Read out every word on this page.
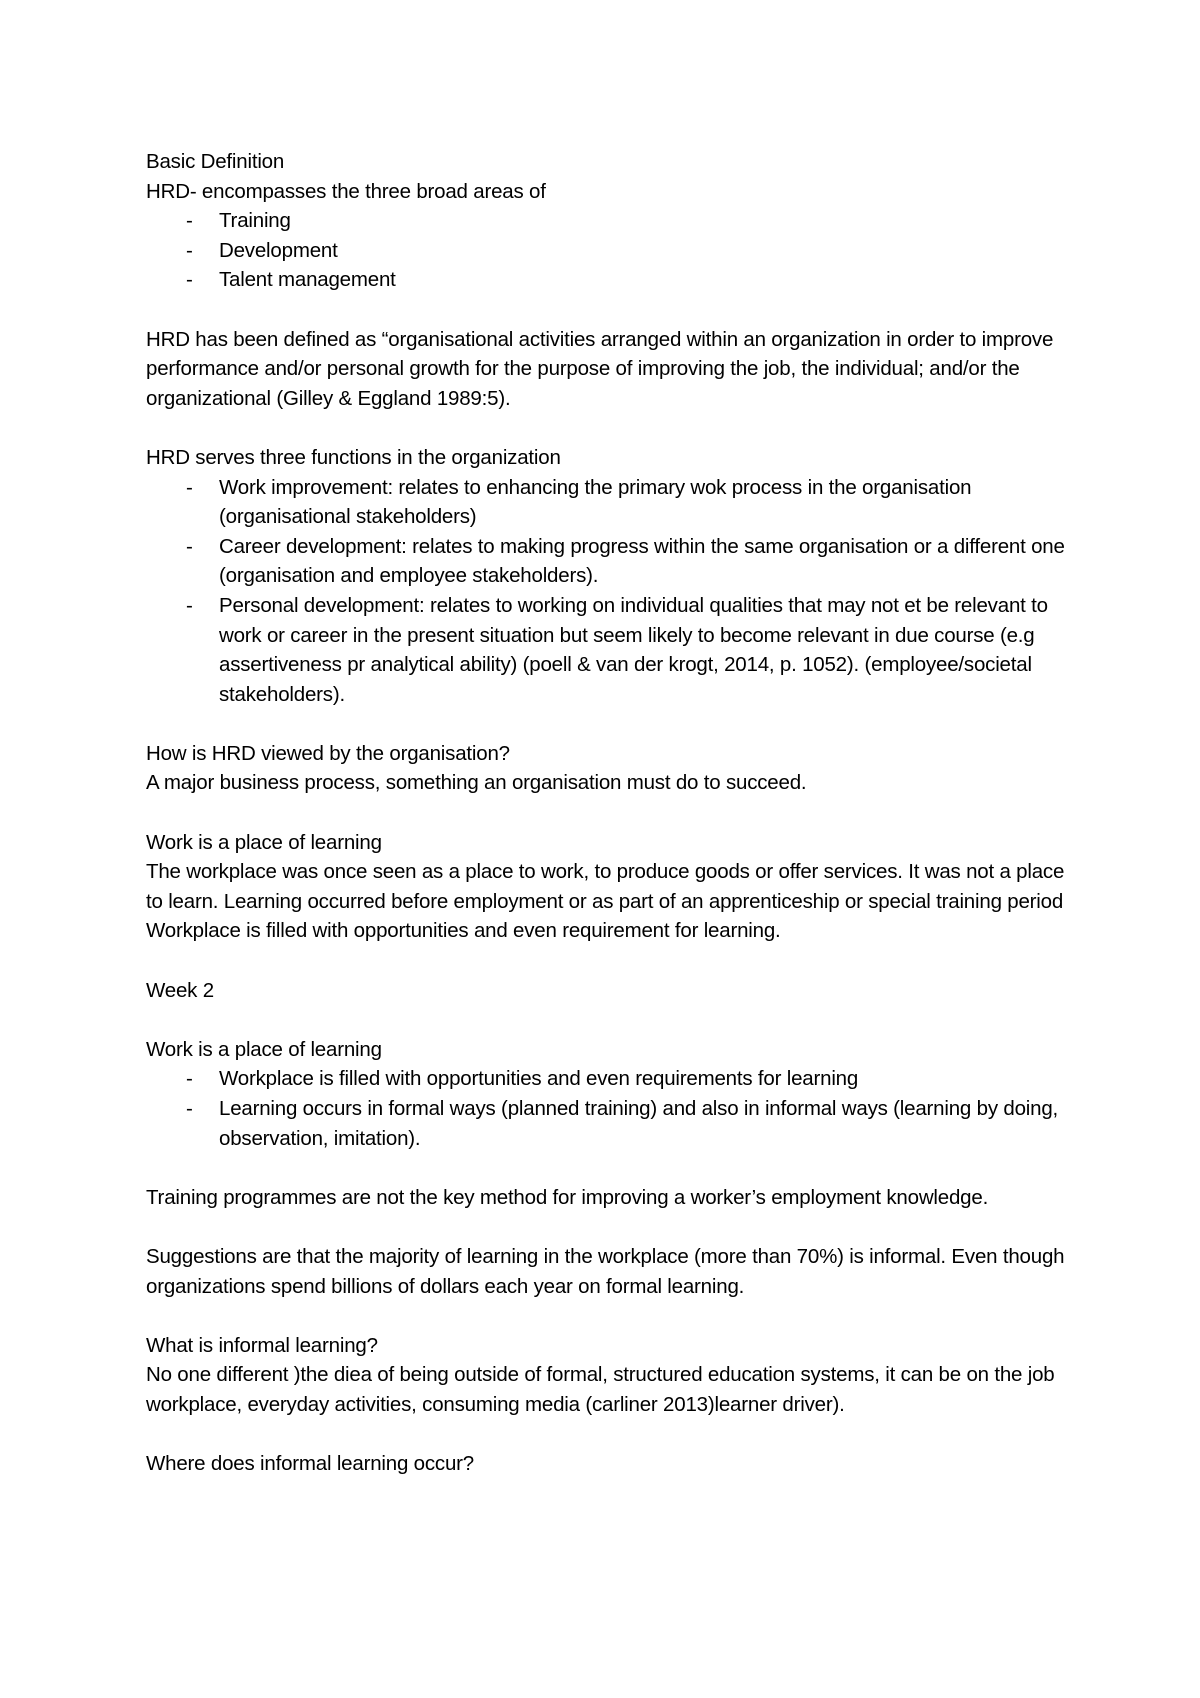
Basic Definition

HRD- encompasses the three broad areas of

- Training
- Development
- Talent management

HRD has been defined as “organisational activities arranged within an organization in order to improve performance and/or personal growth for the purpose of improving the job, the individual; and/or the organizational (Gilley & Eggland 1989:5).

HRD serves three functions in the organization

- Work improvement: relates to enhancing the primary wok process in the organisation (organisational stakeholders)
- Career development: relates to making progress within the same organisation or a different one (organisation and employee stakeholders).
- Personal development: relates to working on individual qualities that may not et be relevant to work or career in the present situation but seem likely to become relevant in due course (e.g assertiveness pr analytical ability) (poell & van der krogt, 2014, p. 1052). (employee/societal stakeholders).

How is HRD viewed by the organisation?

A major business process, something an organisation must do to succeed.

Work is a place of learning

The workplace was once seen as a place to work, to produce goods or offer services. It was not a place to learn. Learning occurred before employment or as part of an apprenticeship or special training period

Workplace is filled with opportunities and even requirement for learning.

Week 2

Work is a place of learning

- Workplace is filled with opportunities and even requirements for learning
- Learning occurs in formal ways (planned training) and also in informal ways (learning by doing, observation, imitation).

Training programmes are not the key method for improving a worker’s employment knowledge.

Suggestions are that the majority of learning in the workplace (more than 70%) is informal. Even though organizations spend billions of dollars each year on formal learning.

What is informal learning?

No one different )the diea of being outside of formal, structured education systems, it can be on the job workplace, everyday activities, consuming media (carliner 2013)learner driver).

Where does informal learning occur?
